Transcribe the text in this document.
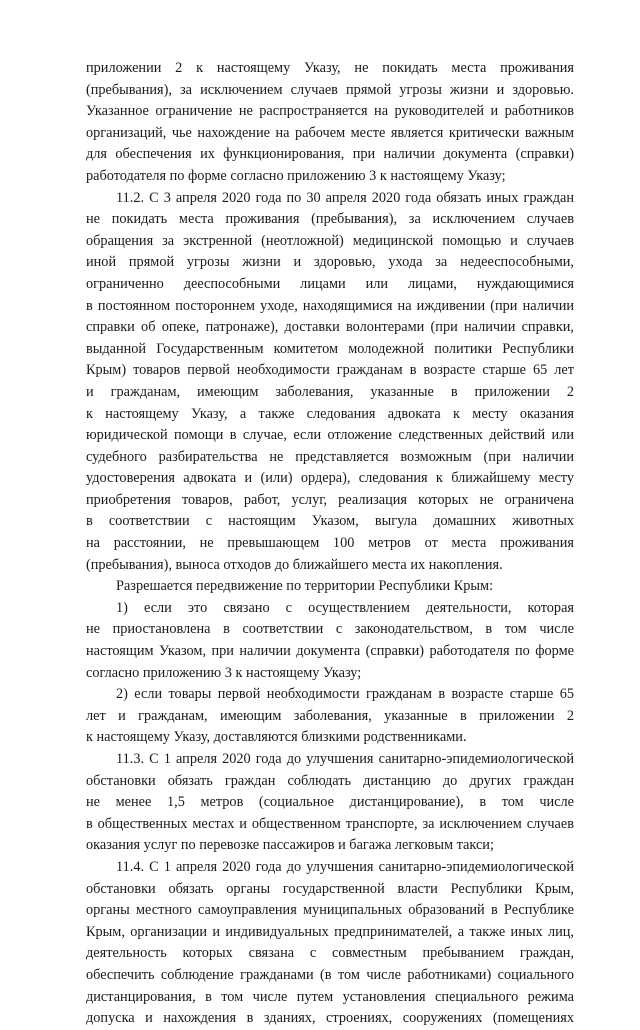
приложении 2 к настоящему Указу, не покидать места проживания
(пребывания), за исключением случаев прямой угрозы жизни и здоровью.
Указанное ограничение не распространяется на руководителей и работников
организаций, чье нахождение на рабочем месте является критически важным
для обеспечения их функционирования, при наличии документа (справки)
работодателя по форме согласно приложению 3 к настоящему Указу;
11.2. С 3 апреля 2020 года по 30 апреля 2020 года обязать иных граждан
не покидать места проживания (пребывания), за исключением случаев
обращения за экстренной (неотложной) медицинской помощью и случаев
иной прямой угрозы жизни и здоровью, ухода за недееспособными,
ограниченно дееспособными лицами или лицами, нуждающимися
в постоянном постороннем уходе, находящимися на иждивении (при наличии
справки об опеке, патронаже), доставки волонтерами (при наличии справки,
выданной Государственным комитетом молодежной политики Республики
Крым) товаров первой необходимости гражданам в возрасте старше 65 лет
и гражданам, имеющим заболевания, указанные в приложении 2
к настоящему Указу, а также следования адвоката к месту оказания
юридической помощи в случае, если отложение следственных действий или
судебного разбирательства не представляется возможным (при наличии
удостоверения адвоката и (или) ордера), следования к ближайшему месту
приобретения товаров, работ, услуг, реализация которых не ограничена
в соответствии с настоящим Указом, выгула домашних животных
на расстоянии, не превышающем 100 метров от места проживания
(пребывания), выноса отходов до ближайшего места их накопления.
Разрешается передвижение по территории Республики Крым:
1) если это связано с осуществлением деятельности, которая
не приостановлена в соответствии с законодательством, в том числе
настоящим Указом, при наличии документа (справки) работодателя по форме
согласно приложению 3 к настоящему Указу;
2) если товары первой необходимости гражданам в возрасте старше 65
лет и гражданам, имеющим заболевания, указанные в приложении 2
к настоящему Указу, доставляются близкими родственниками.
11.3. С 1 апреля 2020 года до улучшения санитарно-эпидемиологической
обстановки обязать граждан соблюдать дистанцию до других граждан
не менее 1,5 метров (социальное дистанцирование), в том числе
в общественных местах и общественном транспорте, за исключением случаев
оказания услуг по перевозке пассажиров и багажа легковым такси;
11.4. С 1 апреля 2020 года до улучшения санитарно-эпидемиологической
обстановки обязать органы государственной власти Республики Крым,
органы местного самоуправления муниципальных образований в Республике
Крым, организации и индивидуальных предпринимателей, а также иных лиц,
деятельность которых связана с совместным пребыванием граждан,
обеспечить соблюдение гражданами (в том числе работниками) социального
дистанцирования, в том числе путем установления специального режима
допуска и нахождения в зданиях, строениях, сооружениях (помещениях
